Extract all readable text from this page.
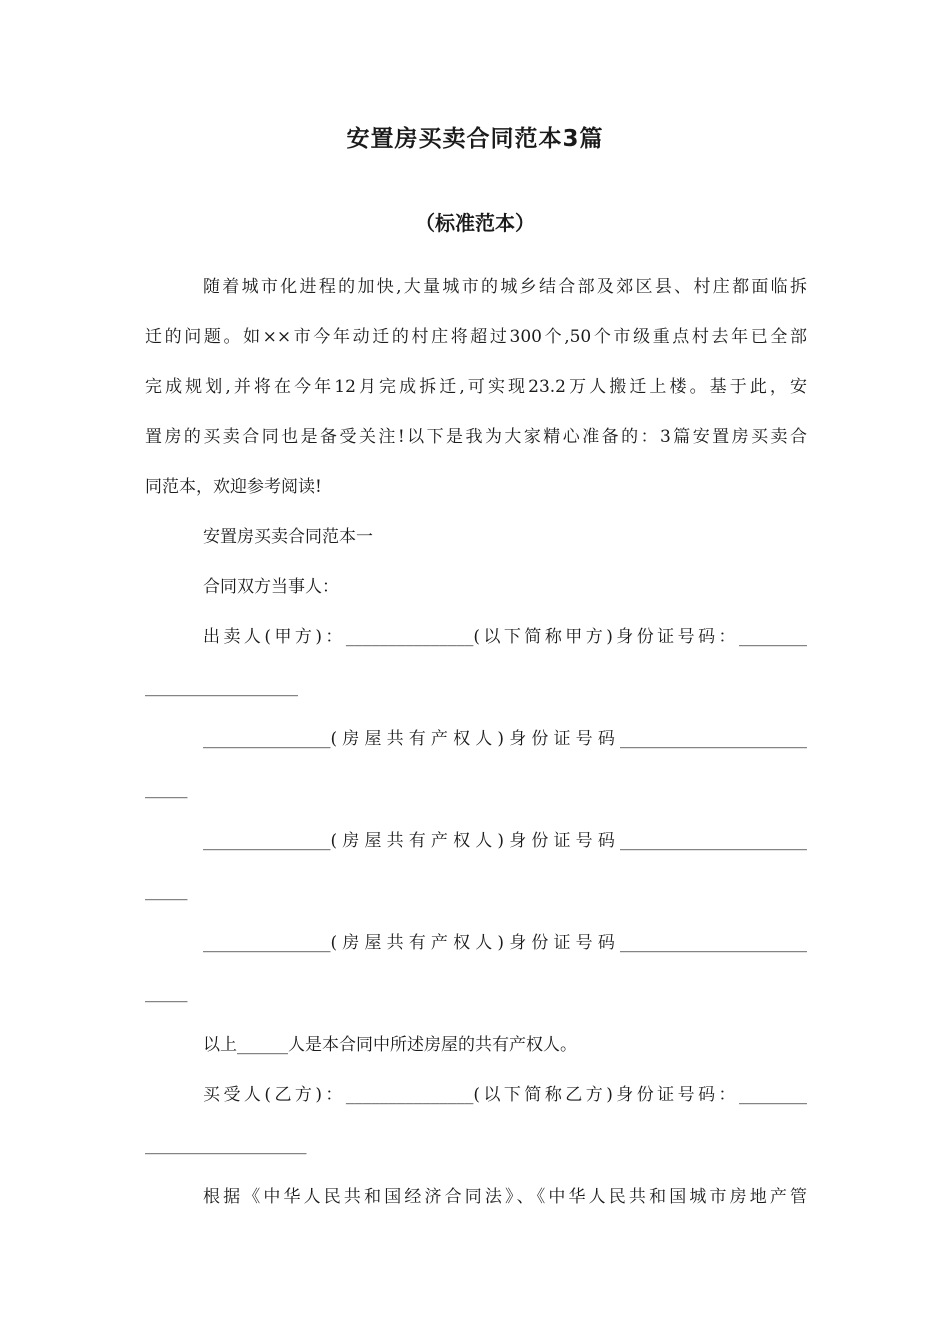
安置房买卖合同范本3篇
（标准范本）
随着城市化进程的加快,大量城市的城乡结合部及郊区县、村庄都面临拆
迁的问题。如××市今年动迁的村庄将超过300个,50个市级重点村去年已全部
完成规划,并将在今年12月完成拆迁,可实现23.2万人搬迁上楼。基于此，安
置房的买卖合同也是备受关注!以下是我为大家精心准备的：3篇安置房买卖合
同范本，欢迎参考阅读!
安置房买卖合同范本一
合同双方当事人：
出卖人(甲方)：_______________(以下简称甲方)身份证号码：________
__________________
_______________(房屋共有产权人)身份证号码______________________
_____
_______________(房屋共有产权人)身份证号码______________________
_____
_______________(房屋共有产权人)身份证号码______________________
_____
以上______人是本合同中所述房屋的共有产权人。
买受人(乙方)：_______________(以下简称乙方)身份证号码：________
___________________
根据《中华人民共和国经济合同法》、《中华人民共和国城市房地产管
